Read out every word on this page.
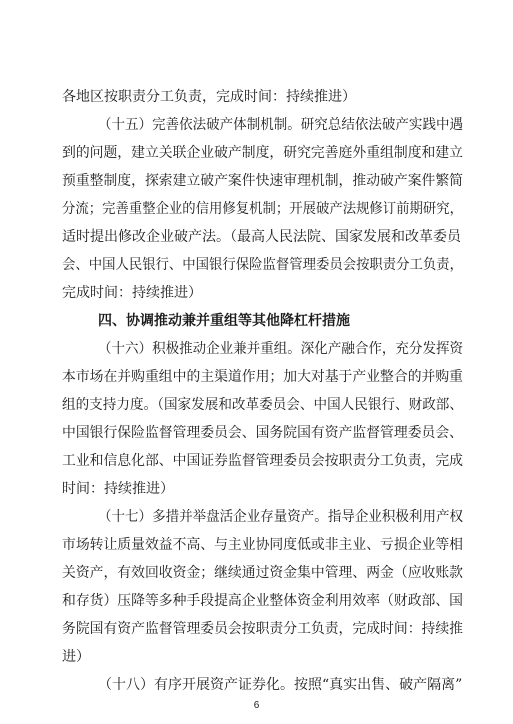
各地区按职责分工负责，完成时间：持续推进）
（十五）完善依法破产体制机制。研究总结依法破产实践中遇
到的问题，建立关联企业破产制度，研究完善庭外重组制度和建立
预重整制度，探索建立破产案件快速审理机制，推动破产案件繁简
分流；完善重整企业的信用修复机制；开展破产法规修订前期研究，
适时提出修改企业破产法。（最高人民法院、国家发展和改革委员
会、中国人民银行、中国银行保险监督管理委员会按职责分工负责，
完成时间：持续推进）
四、协调推动兼并重组等其他降杠杆措施
（十六）积极推动企业兼并重组。深化产融合作，充分发挥资
本市场在并购重组中的主渠道作用；加大对基于产业整合的并购重
组的支持力度。（国家发展和改革委员会、中国人民银行、财政部、
中国银行保险监督管理委员会、国务院国有资产监督管理委员会、
工业和信息化部、中国证券监督管理委员会按职责分工负责，完成
时间：持续推进）
（十七）多措并举盘活企业存量资产。指导企业积极利用产权
市场转让质量效益不高、与主业协同度低或非主业、亏损企业等相
关资产，有效回收资金；继续通过资金集中管理、两金（应收账款
和存货）压降等多种手段提高企业整体资金利用效率（财政部、国
务院国有资产监督管理委员会按职责分工负责，完成时间：持续推
进）
（十八）有序开展资产证券化。按照“真实出售、破产隔离”
6
